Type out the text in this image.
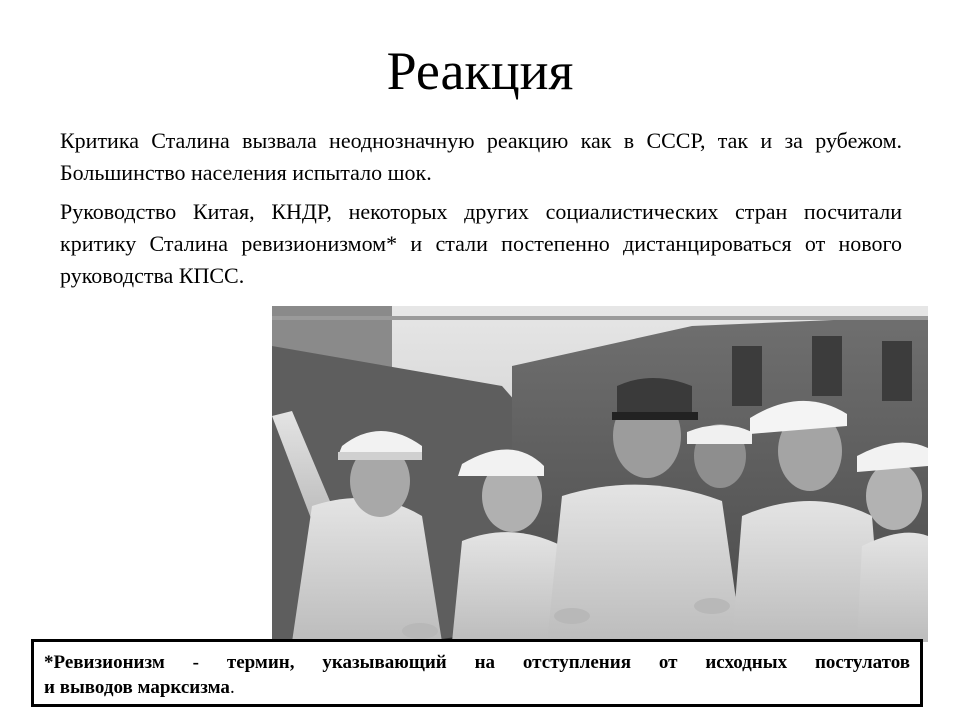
Реакция

Критика Сталина вызвала неоднозначную реакцию как в СССР, так и за рубежом. Большинство населения испытало шок.

Руководство Китая, КНДР, некоторых других социалистических стран посчитали критику Сталина ревизионизмом* и стали постепенно дистанцироваться от нового руководства КПСС.

*Ревизионизм - термин, указывающий на отступления от исходных постулатов
и выводов марксизма.
